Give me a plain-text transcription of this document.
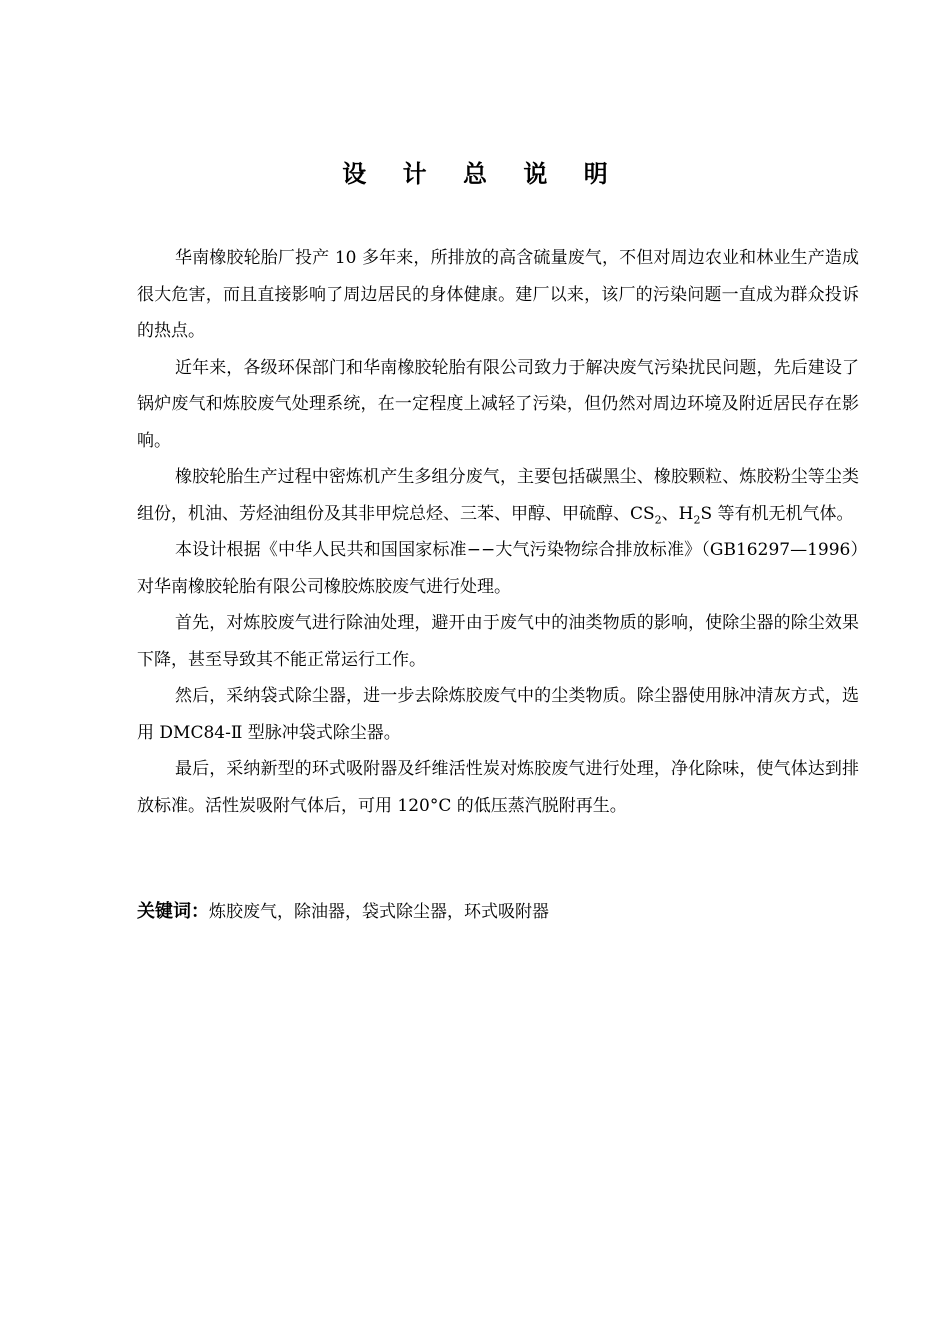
设 计 总 说 明

华南橡胶轮胎厂投产 10 多年来，所排放的高含硫量废气，不但对周边农业和林业生产造成很大危害，而且直接影响了周边居民的身体健康。建厂以来，该厂的污染问题一直成为群众投诉的热点。

近年来，各级环保部门和华南橡胶轮胎有限公司致力于解决废气污染扰民问题，先后建设了锅炉废气和炼胶废气处理系统，在一定程度上减轻了污染，但仍然对周边环境及附近居民存在影响。

橡胶轮胎生产过程中密炼机产生多组分废气，主要包括碳黑尘、橡胶颗粒、炼胶粉尘等尘类组份，机油、芳烃油组份及其非甲烷总烃、三苯、甲醇、甲硫醇、$CS_2$、$H_2S$ 等有机无机气体。

本设计根据《中华人民共和国国家标准−−大气污染物综合排放标准》（GB16297—1996）对华南橡胶轮胎有限公司橡胶炼胶废气进行处理。

首先，对炼胶废气进行除油处理，避开由于废气中的油类物质的影响，使除尘器的除尘效果下降，甚至导致其不能正常运行工作。

然后，采纳袋式除尘器，进一步去除炼胶废气中的尘类物质。除尘器使用脉冲清灰方式，选用 DMC84-Ⅱ 型脉冲袋式除尘器。

最后，采纳新型的环式吸附器及纤维活性炭对炼胶废气进行处理，净化除味，使气体达到排放标准。活性炭吸附气体后，可用 120°C 的低压蒸汽脱附再生。

关键词：炼胶废气，除油器，袋式除尘器，环式吸附器
